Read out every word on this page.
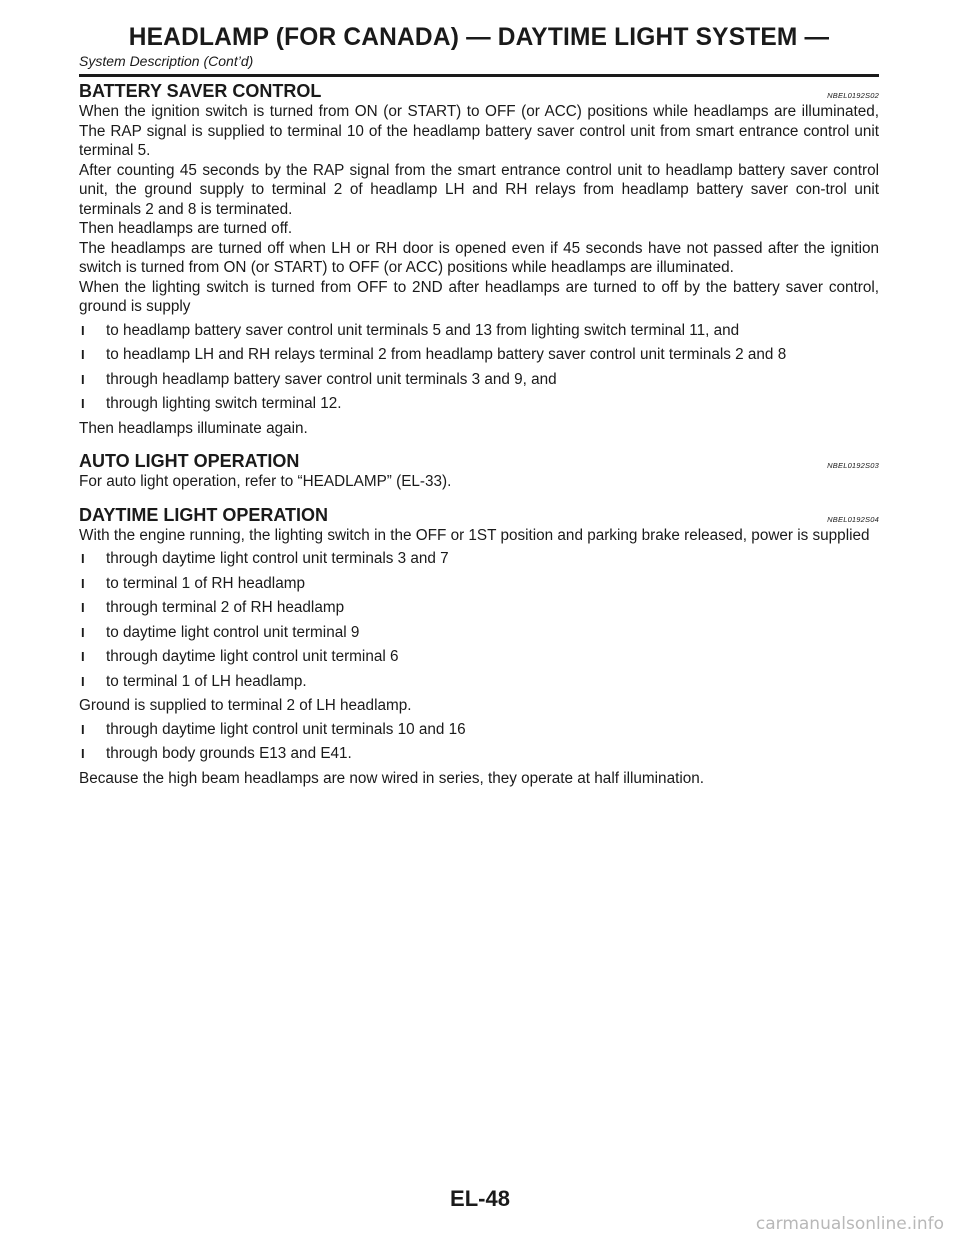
HEADLAMP (FOR CANADA) — DAYTIME LIGHT SYSTEM —
System Description (Cont’d)
BATTERY SAVER CONTROL	NBEL0192S02

When the ignition switch is turned from ON (or START) to OFF (or ACC) positions while headlamps are illuminated, The RAP signal is supplied to terminal 10 of the headlamp battery saver control unit from smart entrance control unit terminal 5.

After counting 45 seconds by the RAP signal from the smart entrance control unit to headlamp battery saver control unit, the ground supply to terminal 2 of headlamp LH and RH relays from headlamp battery saver con-trol unit terminals 2 and 8 is terminated.

Then headlamps are turned off.

The headlamps are turned off when LH or RH door is opened even if 45 seconds have not passed after the ignition switch is turned from ON (or START) to OFF (or ACC) positions while headlamps are illuminated.

When the lighting switch is turned from OFF to 2ND after headlamps are turned to off by the battery saver control, ground is supply

I to headlamp battery saver control unit terminals 5 and 13 from lighting switch terminal 11, and
I to headlamp LH and RH relays terminal 2 from headlamp battery saver control unit terminals 2 and 8
I through headlamp battery saver control unit terminals 3 and 9, and
I through lighting switch terminal 12.

Then headlamps illuminate again.

AUTO LIGHT OPERATION	NBEL0192S03

For auto light operation, refer to “HEADLAMP” (EL-33).

DAYTIME LIGHT OPERATION	NBEL0192S04

With the engine running, the lighting switch in the OFF or 1ST position and parking brake released, power is supplied

I through daytime light control unit terminals 3 and 7
I to terminal 1 of RH headlamp
I through terminal 2 of RH headlamp
I to daytime light control unit terminal 9
I through daytime light control unit terminal 6
I to terminal 1 of LH headlamp.

Ground is supplied to terminal 2 of LH headlamp.

I through daytime light control unit terminals 10 and 16
I through body grounds E13 and E41.

Because the high beam headlamps are now wired in series, they operate at half illumination.

EL-48
carmanualsonline.info
